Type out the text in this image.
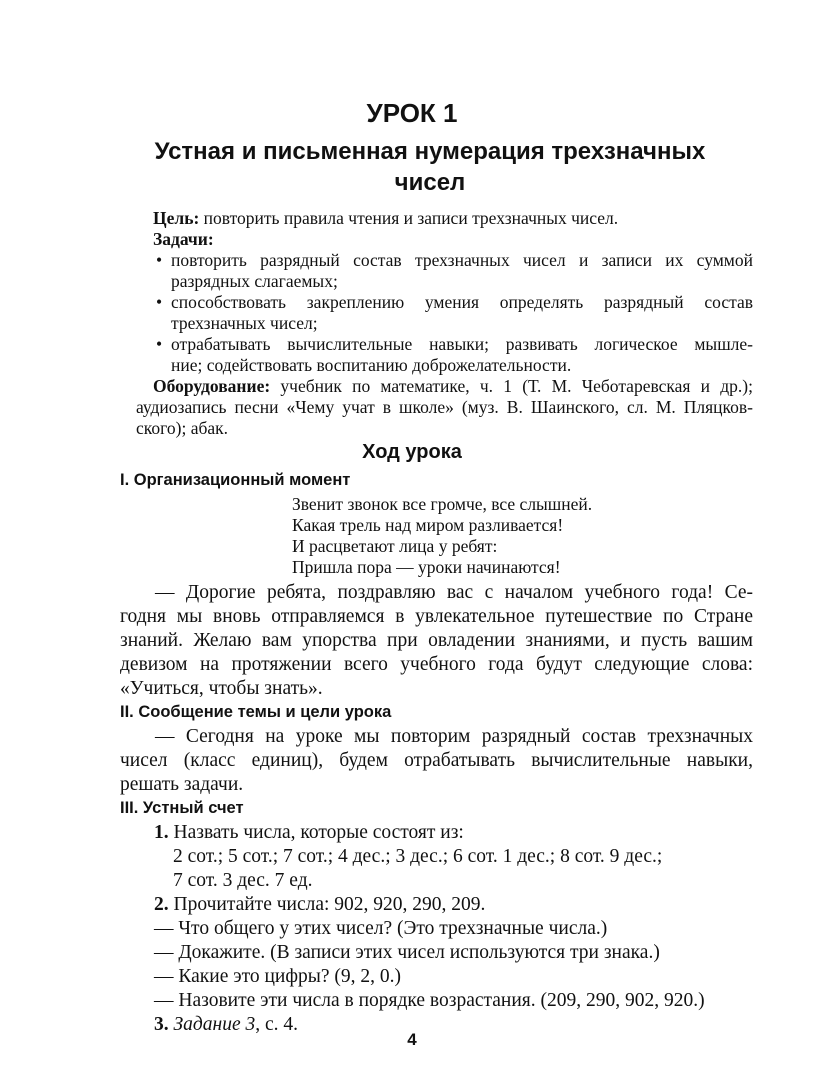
УРОК 1
Устная и письменная нумерация трехзначных
чисел
Цель: повторить правила чтения и записи трехзначных чисел.
Задачи:
• повторить разрядный состав трехзначных чисел и записи их суммой
разрядных слагаемых;
• способствовать закреплению умения определять разрядный состав
трехзначных чисел;
• отрабатывать вычислительные навыки; развивать логическое мышле-
ние; содействовать воспитанию доброжелательности.
Оборудование: учебник по математике, ч. 1 (Т. М. Чеботаревская и др.);
аудиозапись песни «Чему учат в школе» (муз. В. Шаинского, сл. М. Пляцков-
ского); абак.
Ход урока
I. Организационный момент
Звенит звонок все громче, все слышней.
Какая трель над миром разливается!
И расцветают лица у ребят:
Пришла пора — уроки начинаются!
— Дорогие ребята, поздравляю вас с началом учебного года! Се-
годня мы вновь отправляемся в увлекательное путешествие по Стране
знаний. Желаю вам упорства при овладении знаниями, и пусть вашим
девизом на протяжении всего учебного года будут следующие слова:
«Учиться, чтобы знать».
II. Сообщение темы и цели урока
— Сегодня на уроке мы повторим разрядный состав трехзначных
чисел (класс единиц), будем отрабатывать вычислительные навыки,
решать задачи.
III. Устный счет
1. Назвать числа, которые состоят из:
2 сот.; 5 сот.; 7 сот.; 4 дес.; 3 дес.; 6 сот. 1 дес.; 8 сот. 9 дес.;
7 сот. 3 дес. 7 ед.
2. Прочитайте числа: 902, 920, 290, 209.
— Что общего у этих чисел? (Это трехзначные числа.)
— Докажите. (В записи этих чисел используются три знака.)
— Какие это цифры? (9, 2, 0.)
— Назовите эти числа в порядке возрастания. (209, 290, 902, 920.)
3. Задание 3, с. 4.
4
